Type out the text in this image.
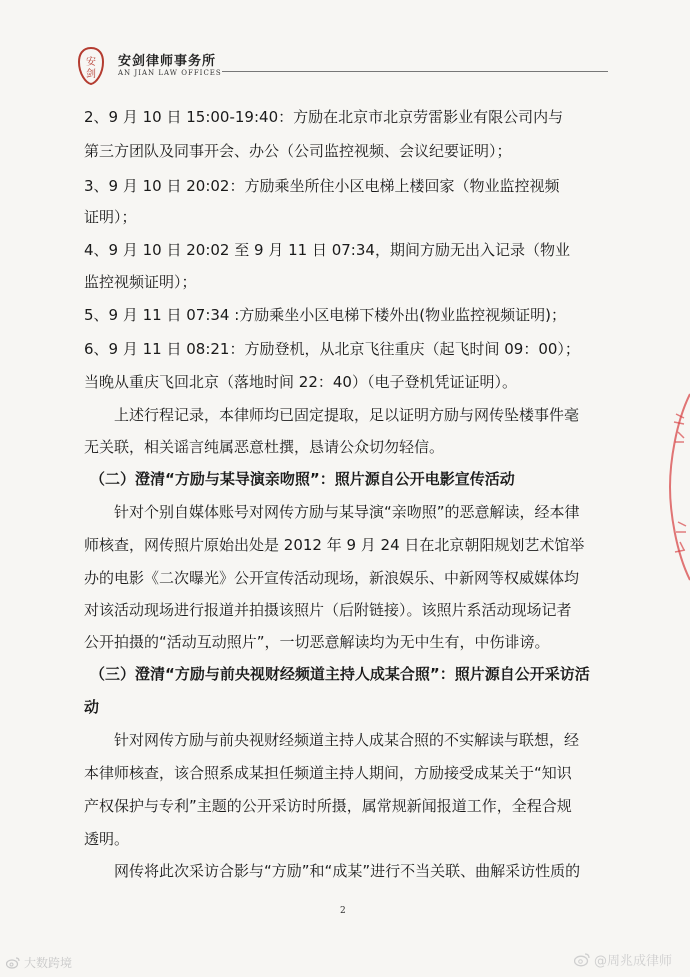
安
剑
安剑律师事务所
AN JIAN LAW OFFICES
2、9 月 10 日 15:00-19:40：方励在北京市北京劳雷影业有限公司内与
第三方团队及同事开会、办公（公司监控视频、会议纪要证明）；
3、9 月 10 日 20:02：方励乘坐所住小区电梯上楼回家（物业监控视频
证明）；
4、9 月 10 日 20:02 至 9 月 11 日 07:34，期间方励无出入记录（物业
监控视频证明）；
5、9 月 11 日 07:34 :方励乘坐小区电梯下楼外出(物业监控视频证明)；
6、9 月 11 日 08:21：方励登机，从北京飞往重庆（起飞时间 09：00）；
当晚从重庆飞回北京（落地时间 22：40）（电子登机凭证证明）。
上述行程记录，本律师均已固定提取，足以证明方励与网传坠楼事件毫
无关联，相关谣言纯属恶意杜撰，恳请公众切勿轻信。
（二）澄清“方励与某导演亲吻照”：照片源自公开电影宣传活动
针对个别自媒体账号对网传方励与某导演“亲吻照”的恶意解读，经本律
师核查，网传照片原始出处是 2012 年 9 月 24 日在北京朝阳规划艺术馆举
办的电影《二次曝光》公开宣传活动现场，新浪娱乐、中新网等权威媒体均
对该活动现场进行报道并拍摄该照片（后附链接）。该照片系活动现场记者
公开拍摄的“活动互动照片”，一切恶意解读均为无中生有，中伤诽谤。
（三）澄清“方励与前央视财经频道主持人成某合照”：照片源自公开采访活
动
针对网传方励与前央视财经频道主持人成某合照的不实解读与联想，经
本律师核查，该合照系成某担任频道主持人期间，方励接受成某关于“知识
产权保护与专利”主题的公开采访时所摄，属常规新闻报道工作，全程合规
透明。
网传将此次采访合影与“方励”和“成某”进行不当关联、曲解采访性质的
2
大数跨境	@周兆成律师
